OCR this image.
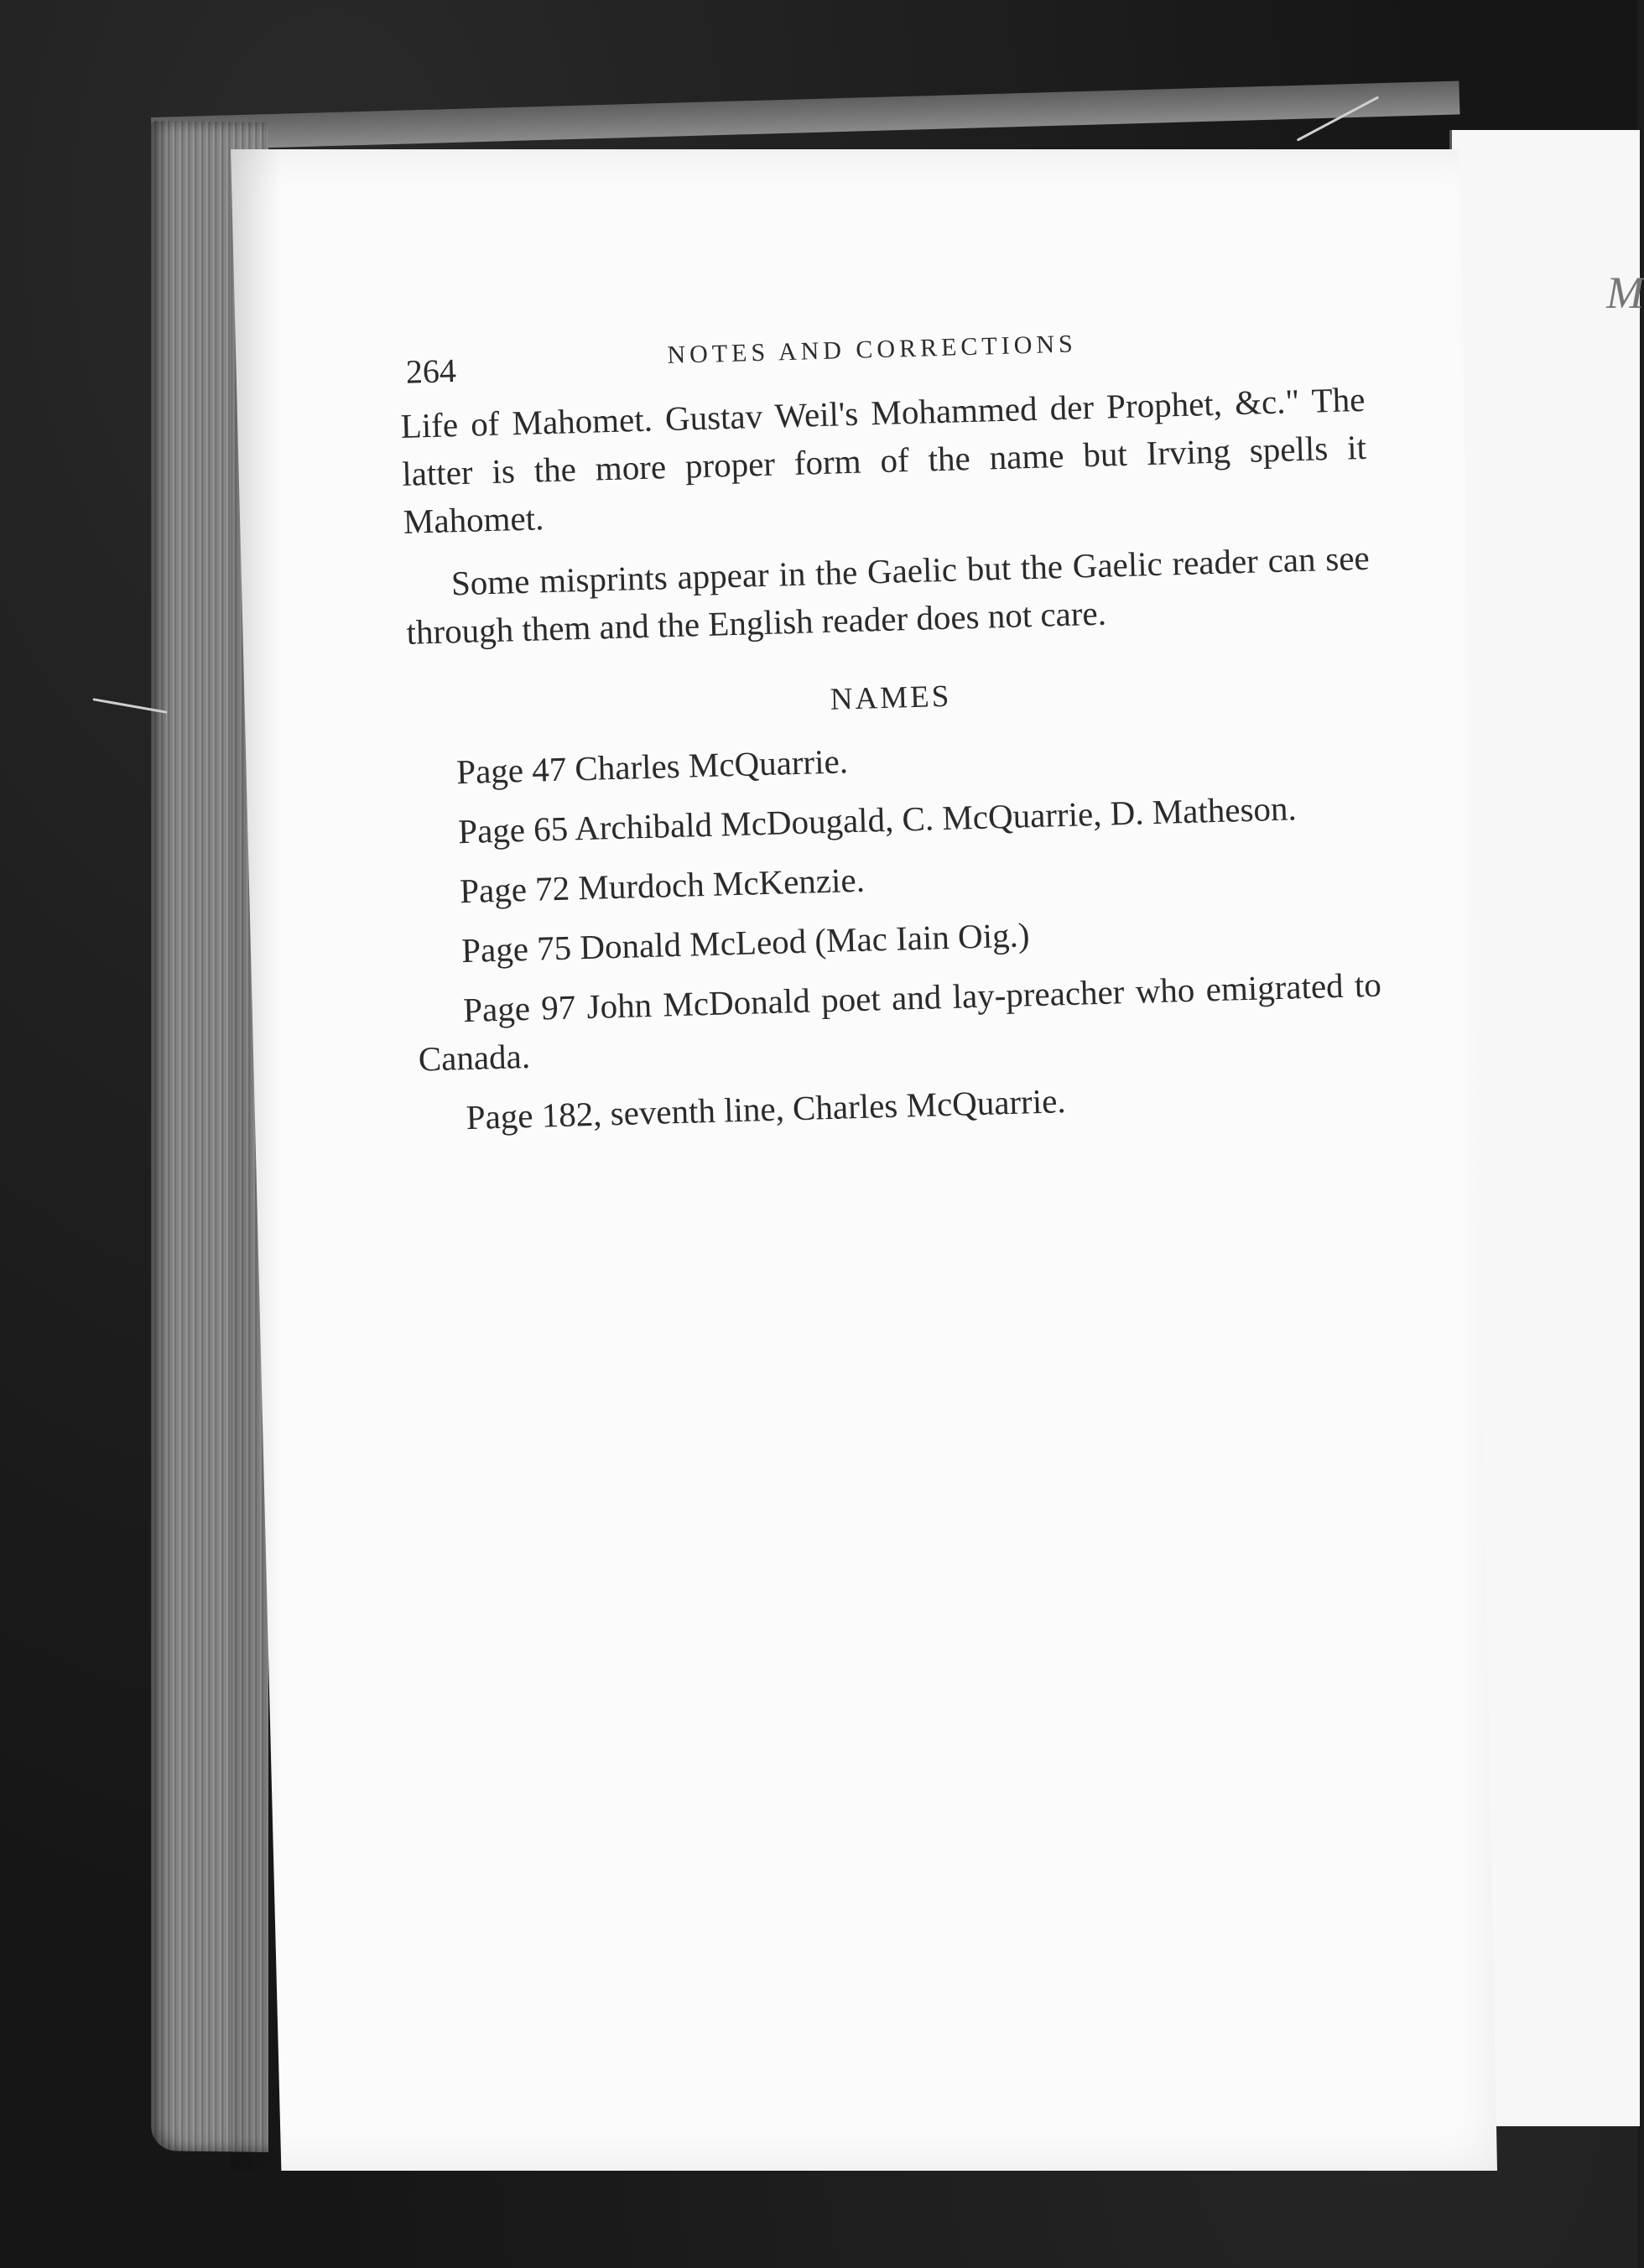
M
264
NOTES AND CORRECTIONS

Life of Mahomet. Gustav Weil's Mohammed der Prophet, &c." The latter is the more proper form of the name but Irving spells it Mahomet.

Some misprints appear in the Gaelic but the Gaelic reader can see through them and the English reader does not care.

NAMES

Page 47 Charles McQuarrie.

Page 65 Archibald McDougald, C. McQuarrie, D. Matheson.

Page 72 Murdoch McKenzie.

Page 75 Donald McLeod (Mac Iain Oig.)

Page 97 John McDonald poet and lay-preacher who emigrated to Canada.

Page 182, seventh line, Charles McQuarrie.
